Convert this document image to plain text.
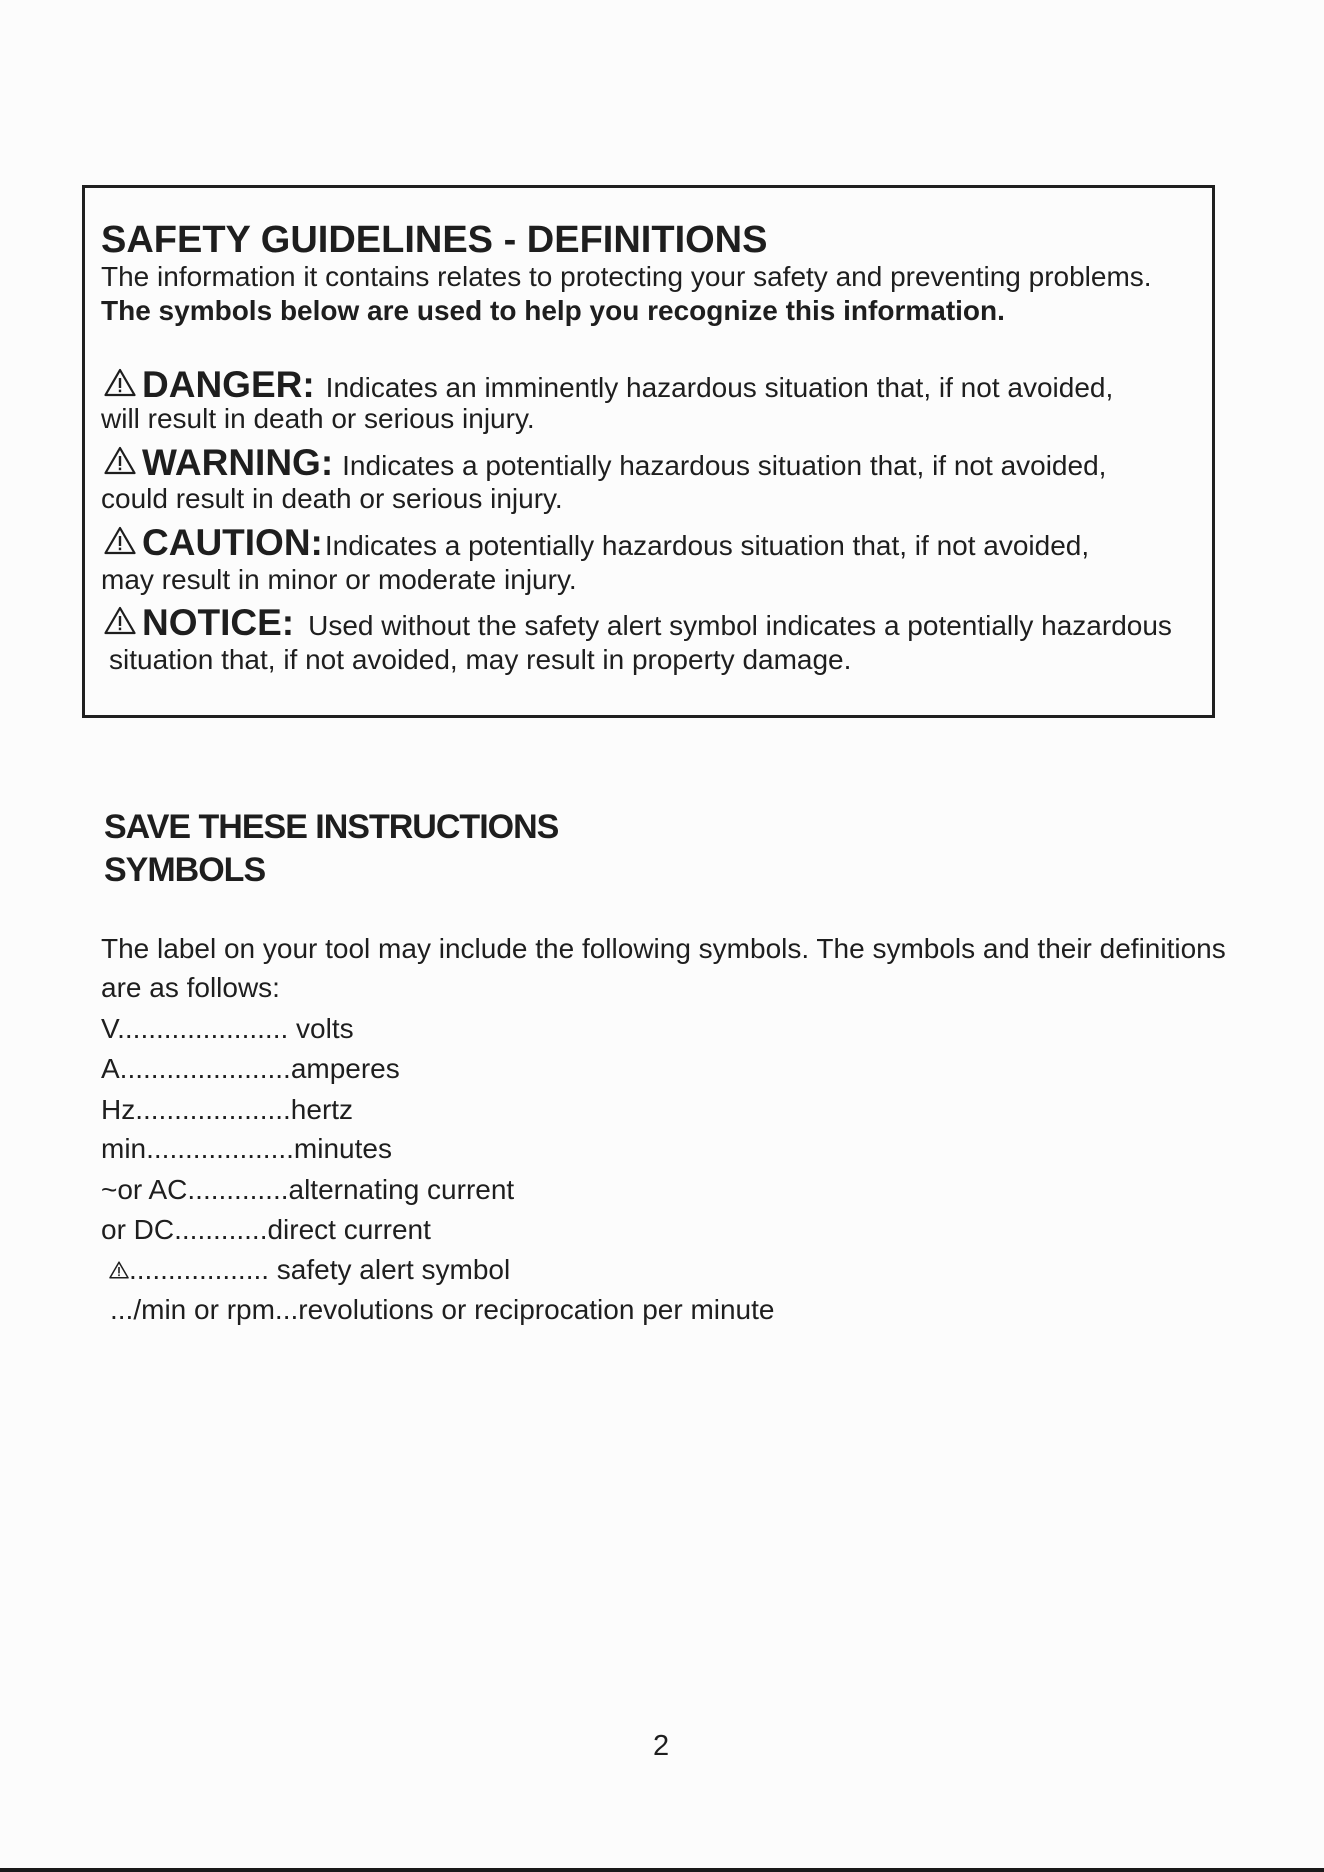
SAFETY GUIDELINES - DEFINITIONS
The information it contains relates to protecting your safety and preventing problems.
The symbols below are used to help you recognize this information.
DANGER: Indicates an imminently hazardous situation that, if not avoided,
will result in death or serious injury.
WARNING: Indicates a potentially hazardous situation that, if not avoided,
could result in death or serious injury.
CAUTION: Indicates a potentially hazardous situation that, if not avoided,
may result in minor or moderate injury.
NOTICE: Used without the safety alert symbol indicates a potentially hazardous
situation that, if not avoided, may result in property damage.
SAVE THESE INSTRUCTIONS
SYMBOLS
The label on your tool may include the following symbols. The symbols and their definitions
are as follows:
V...................... volts
A......................amperes
Hz....................hertz
min...................minutes
~or AC.............alternating current
or DC............direct current
.................. safety alert symbol
.../min or rpm...revolutions or reciprocation per minute
2
